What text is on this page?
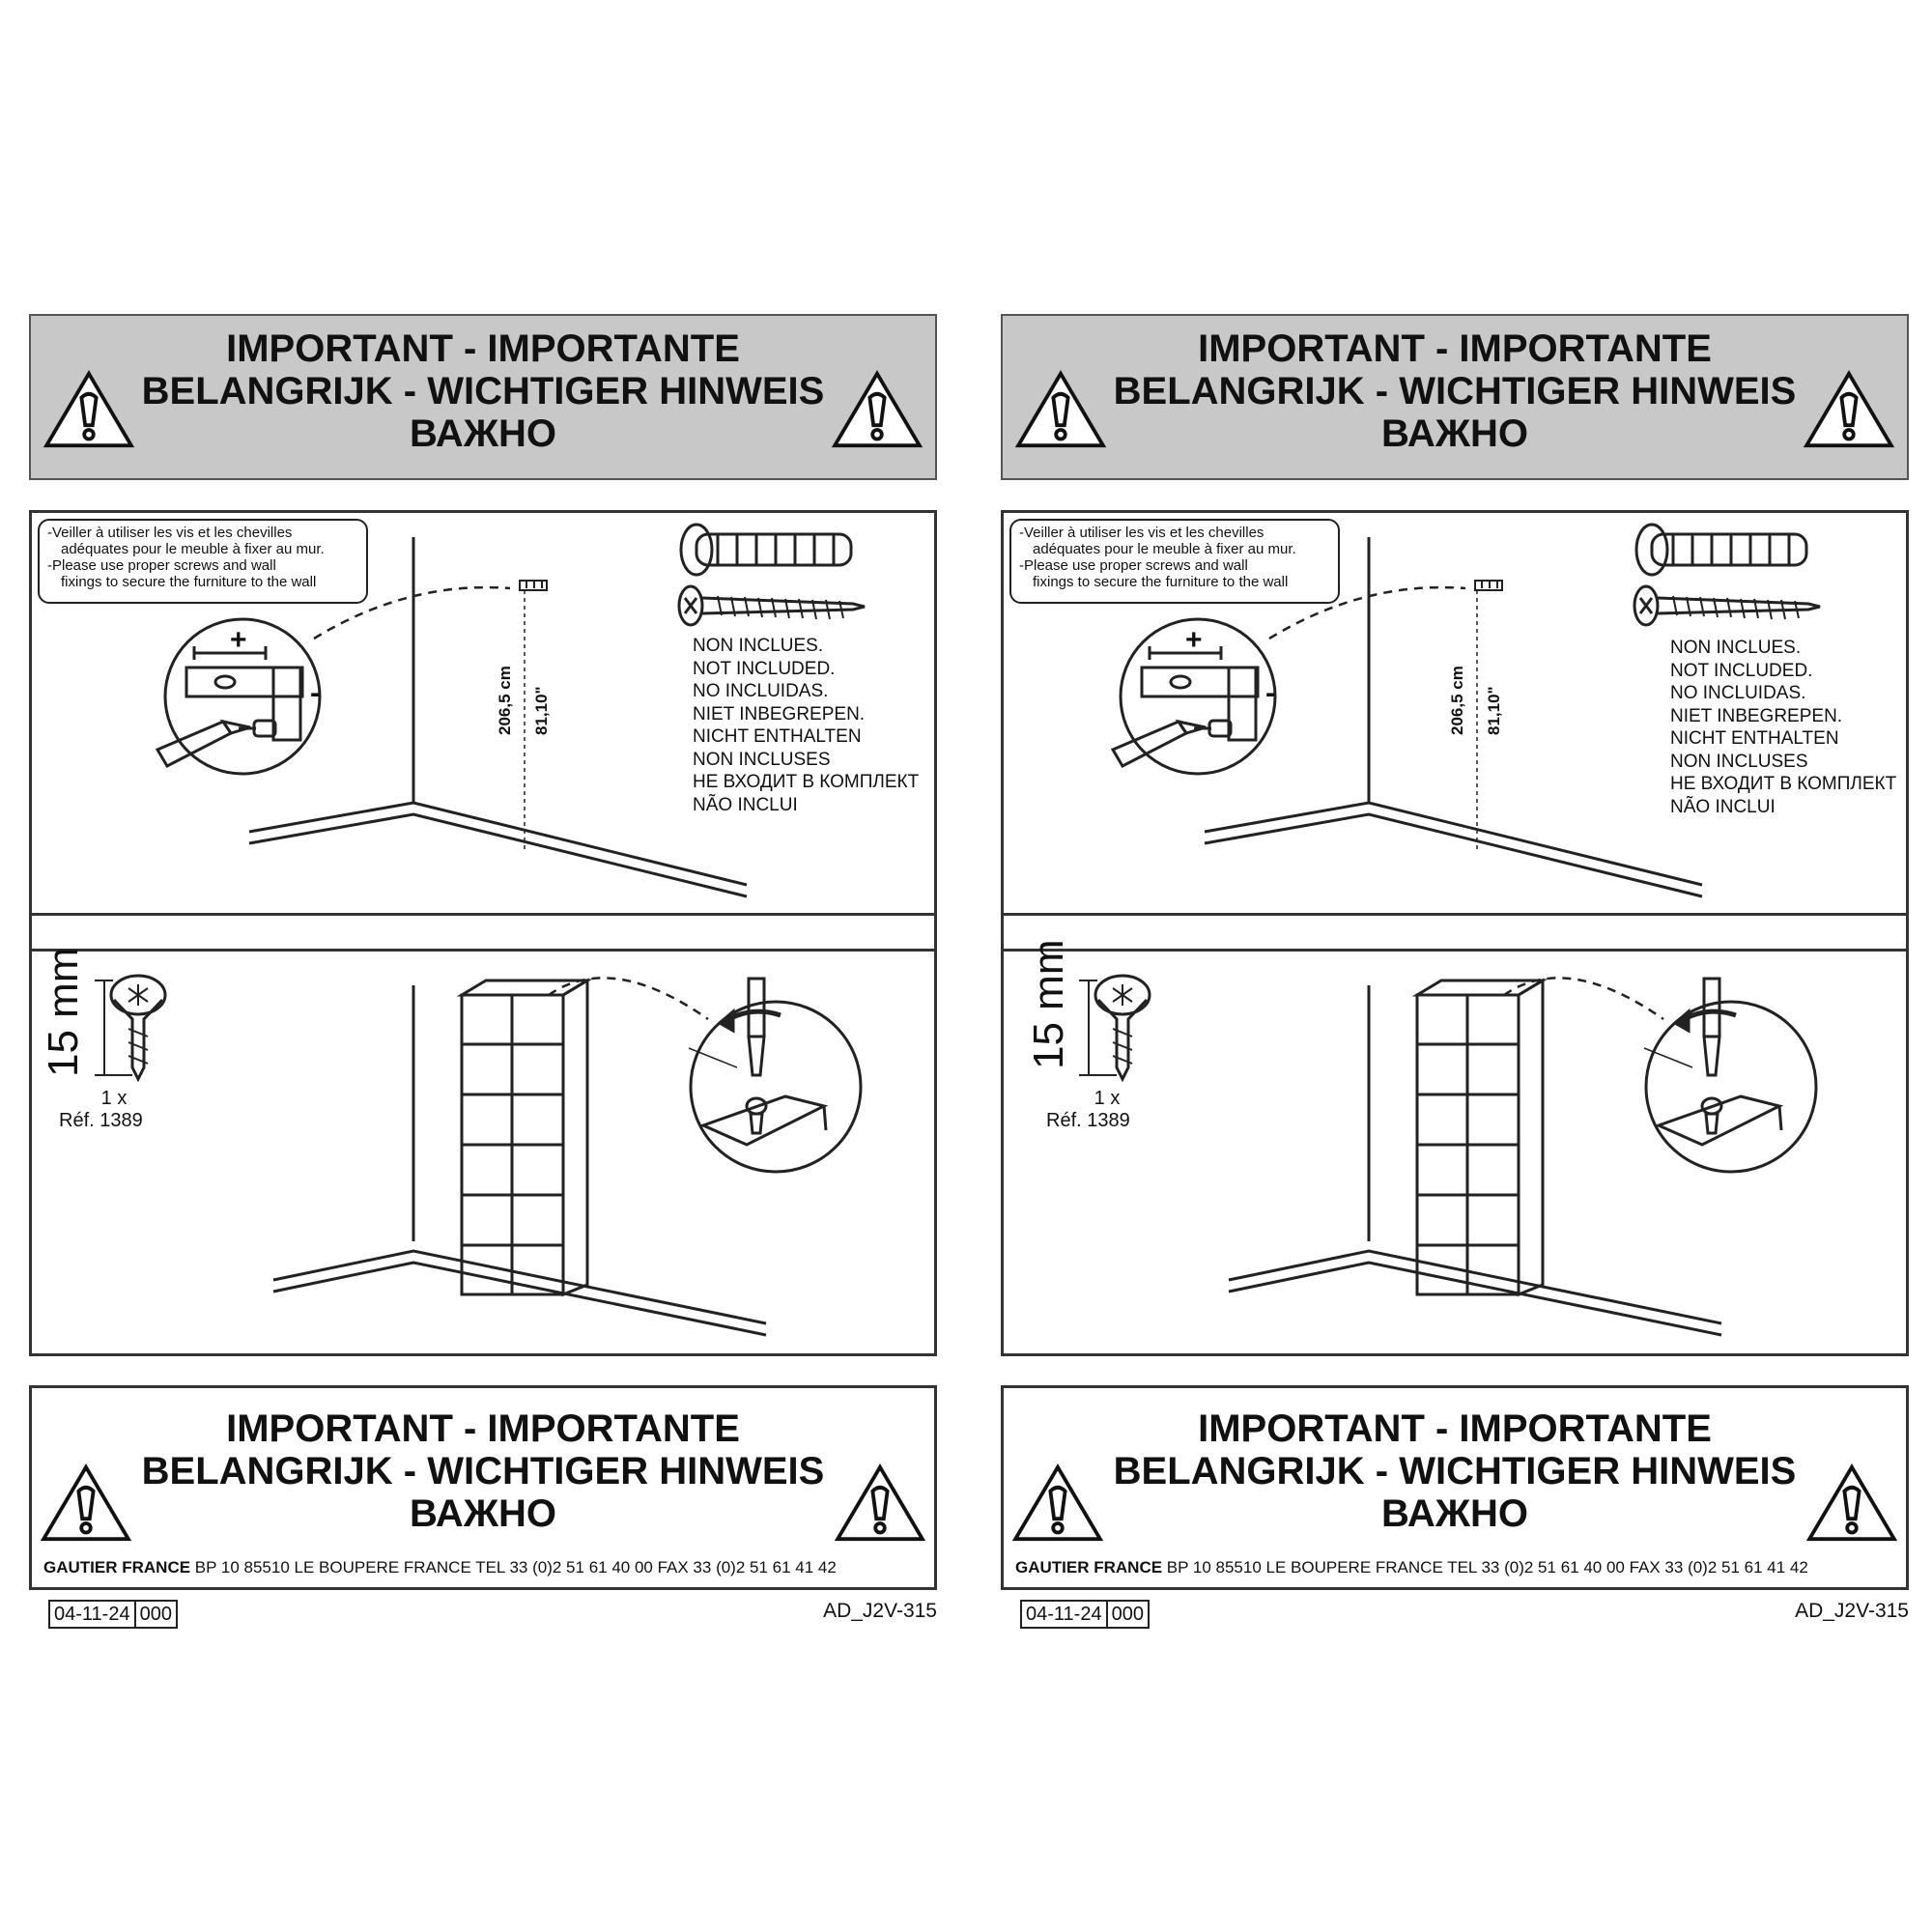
IMPORTANT - IMPORTANTE
BELANGRIJK - WICHTIGER HINWEIS
ВАЖНО
-Veiller à utiliser les vis et les chevilles
adéquates pour le meuble à fixer au mur.
-Please use proper screws and wall
fixings to secure the furniture to the wall
+
-	206,5 cm 81,10"
NON INCLUES.
NOT INCLUDED.
NO INCLUIDAS.
NIET INBEGREPEN.
NICHT ENTHALTEN
NON INCLUSES
НЕ ВХОДИТ В КОМПЛЕКТ
NÃO INCLUI
15 mm
1 x
Réf. 1389
IMPORTANT - IMPORTANTE
BELANGRIJK - WICHTIGER HINWEIS
ВАЖНО
GAUTIER FRANCE BP 10 85510 LE BOUPERE FRANCE TEL 33 (0)2 51 61 40 00 FAX 33 (0)2 51 61 41 42
04-11-24 000	AD_J2V-315
IMPORTANT - IMPORTANTE
BELANGRIJK - WICHTIGER HINWEIS
ВАЖНО
-Veiller à utiliser les vis et les chevilles
adéquates pour le meuble à fixer au mur.
-Please use proper screws and wall
fixings to secure the furniture to the wall
+
-	206,5 cm 81,10"
NON INCLUES.
NOT INCLUDED.
NO INCLUIDAS.
NIET INBEGREPEN.
NICHT ENTHALTEN
NON INCLUSES
НЕ ВХОДИТ В КОМПЛЕКТ
NÃO INCLUI
15 mm
1 x
Réf. 1389
IMPORTANT - IMPORTANTE
BELANGRIJK - WICHTIGER HINWEIS
ВАЖНО
GAUTIER FRANCE BP 10 85510 LE BOUPERE FRANCE TEL 33 (0)2 51 61 40 00 FAX 33 (0)2 51 61 41 42
04-11-24 000	AD_J2V-315
